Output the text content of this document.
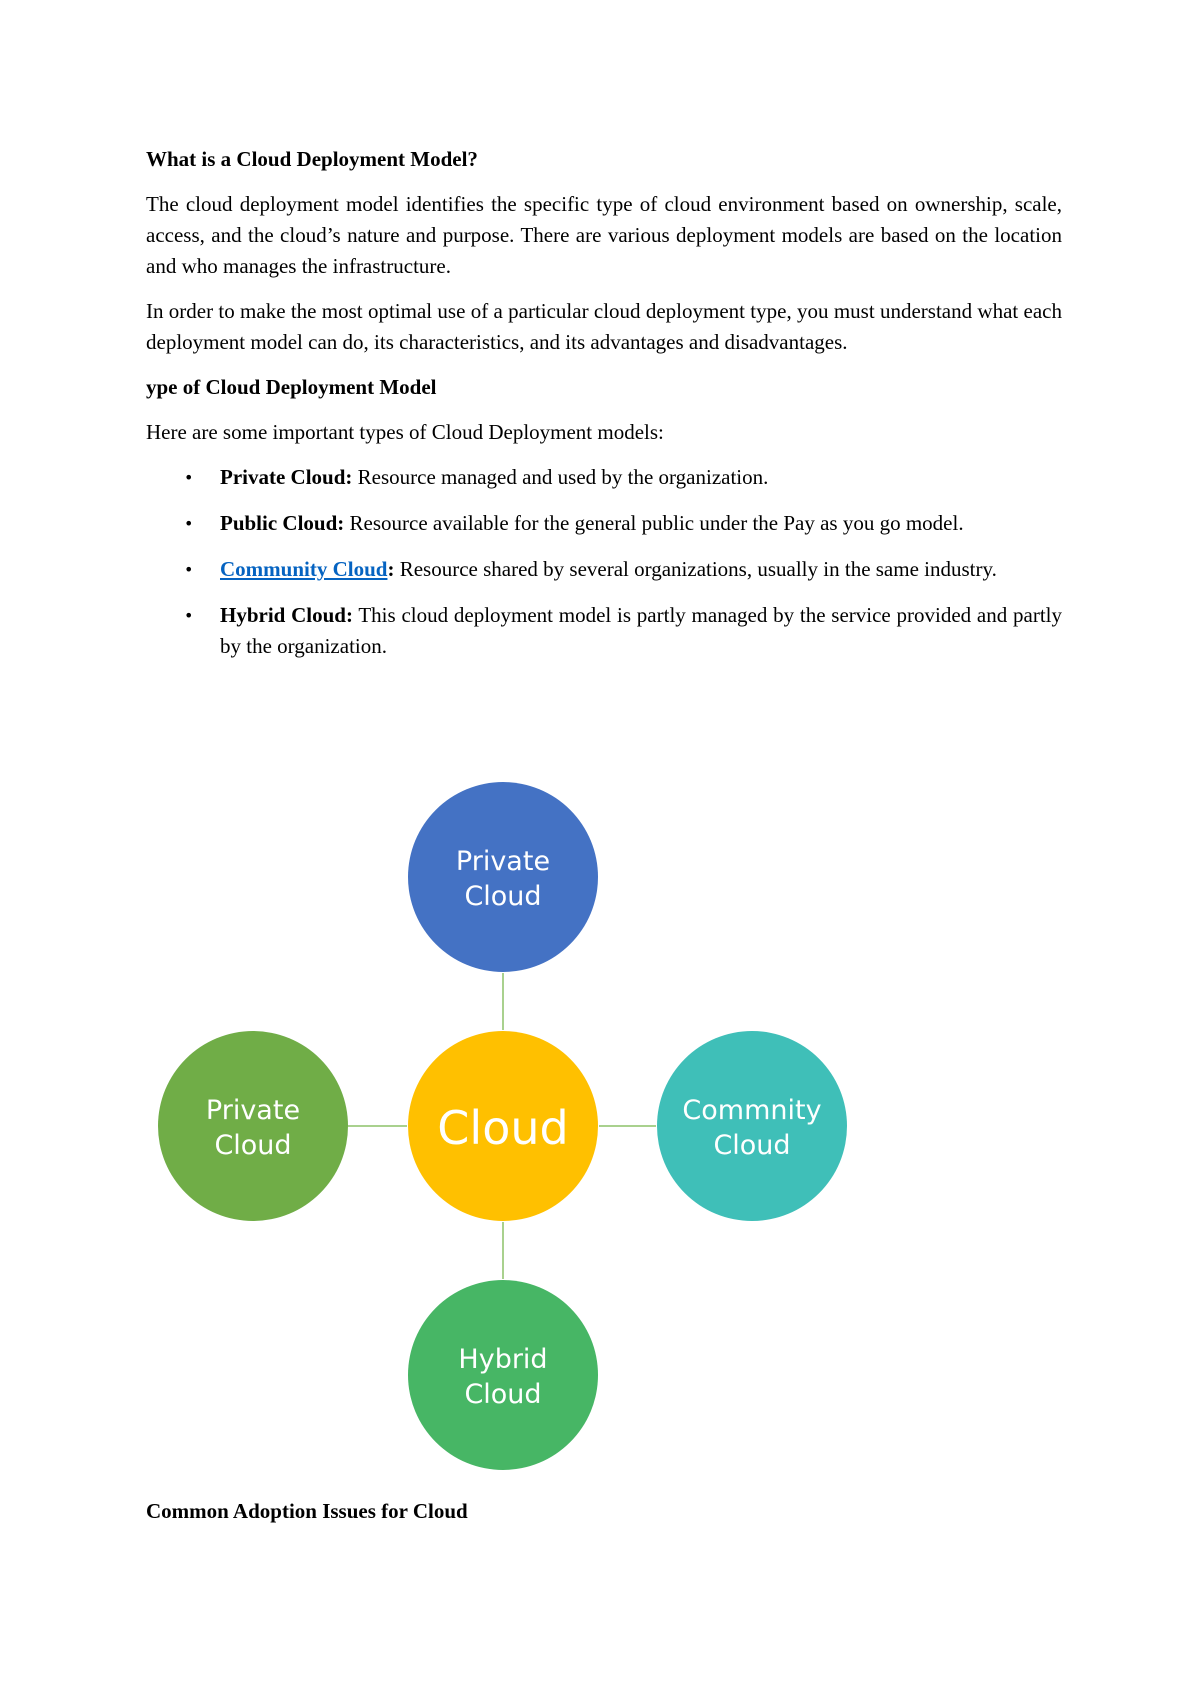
What is a Cloud Deployment Model?

The cloud deployment model identifies the specific type of cloud environment based on ownership, scale, access, and the cloud’s nature and purpose. There are various deployment models are based on the location and who manages the infrastructure.

In order to make the most optimal use of a particular cloud deployment type, you must understand what each deployment model can do, its characteristics, and its advantages and disadvantages.

ype of Cloud Deployment Model

Here are some important types of Cloud Deployment models:

• Private Cloud: Resource managed and used by the organization.
• Public Cloud: Resource available for the general public under the Pay as you go model.
• Community Cloud: Resource shared by several organizations, usually in the same industry.
• Hybrid Cloud: This cloud deployment model is partly managed by the service provided and partly by the organization.
Private
Cloud
Private
Cloud	Cloud	Commnity
Cloud
Hybrid
Cloud
Common Adoption Issues for Cloud
